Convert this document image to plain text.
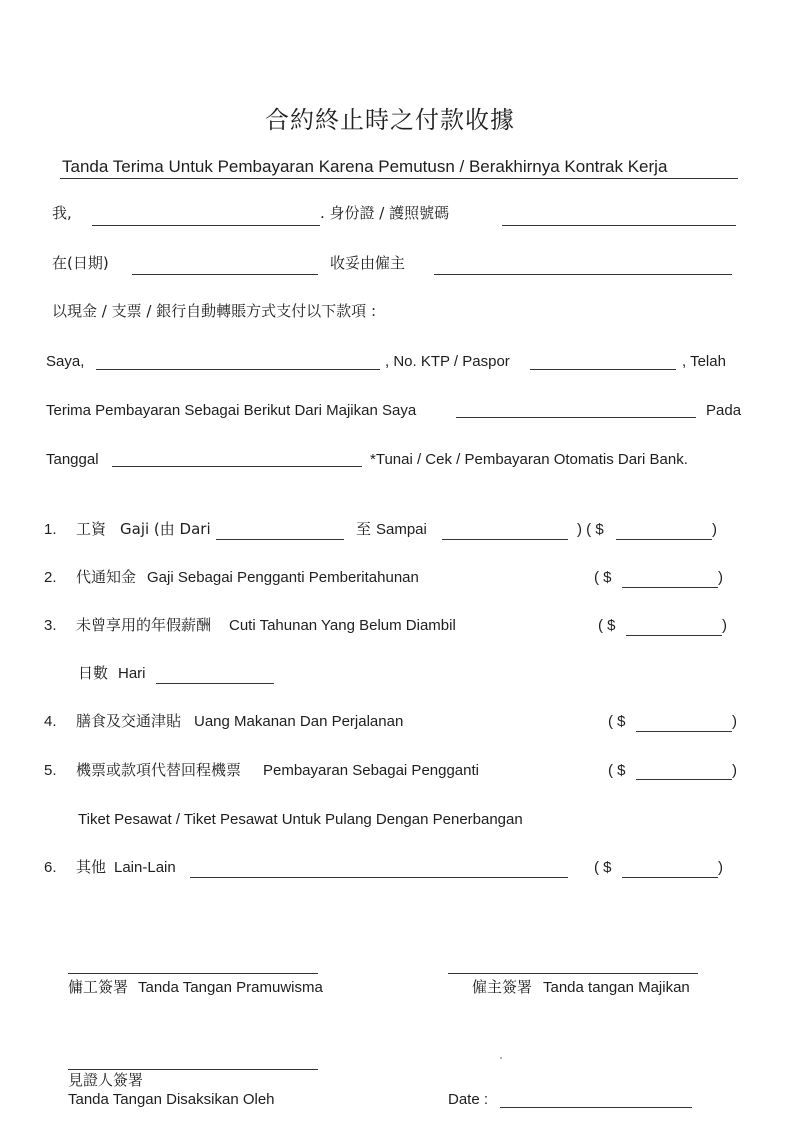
合約終止時之付款收據
Tanda Terima Untuk Pembayaran Karena Pemutusn / Berakhirnya Kontrak Kerja
我,	. 身份證 / 護照號碼
在(日期)	收妥由僱主
以現金 / 支票 / 銀行自動轉賬方式支付以下款項 :
Saya,	, No. KTP / Paspor	, Telah
Terima Pembayaran Sebagai Berikut Dari Majikan Saya	Pada
Tanggal	*Tunai / Cek / Pembayaran Otomatis Dari Bank.
1. 工資 Gaji (由 Dari	至 Sampai	) ( $	)
2. 代通知金 Gaji Sebagai Pengganti Pemberitahunan	( $	)
3. 未曾享用的年假薪酬 Cuti Tahunan Yang Belum Diambil	( $	)
日數 Hari
4. 膳食及交通津貼 Uang Makanan Dan Perjalanan	( $	)
5. 機票或款項代替回程機票 Pembayaran Sebagai Pengganti	( $	)
Tiket Pesawat / Tiket Pesawat Untuk Pulang Dengan Penerbangan
6. 其他 Lain-Lain	( $	)
傭工簽署 Tanda Tangan Pramuwisma	僱主簽署 Tanda tangan Majikan
見證人簽署
Tanda Tangan Disaksikan Oleh	Date :
